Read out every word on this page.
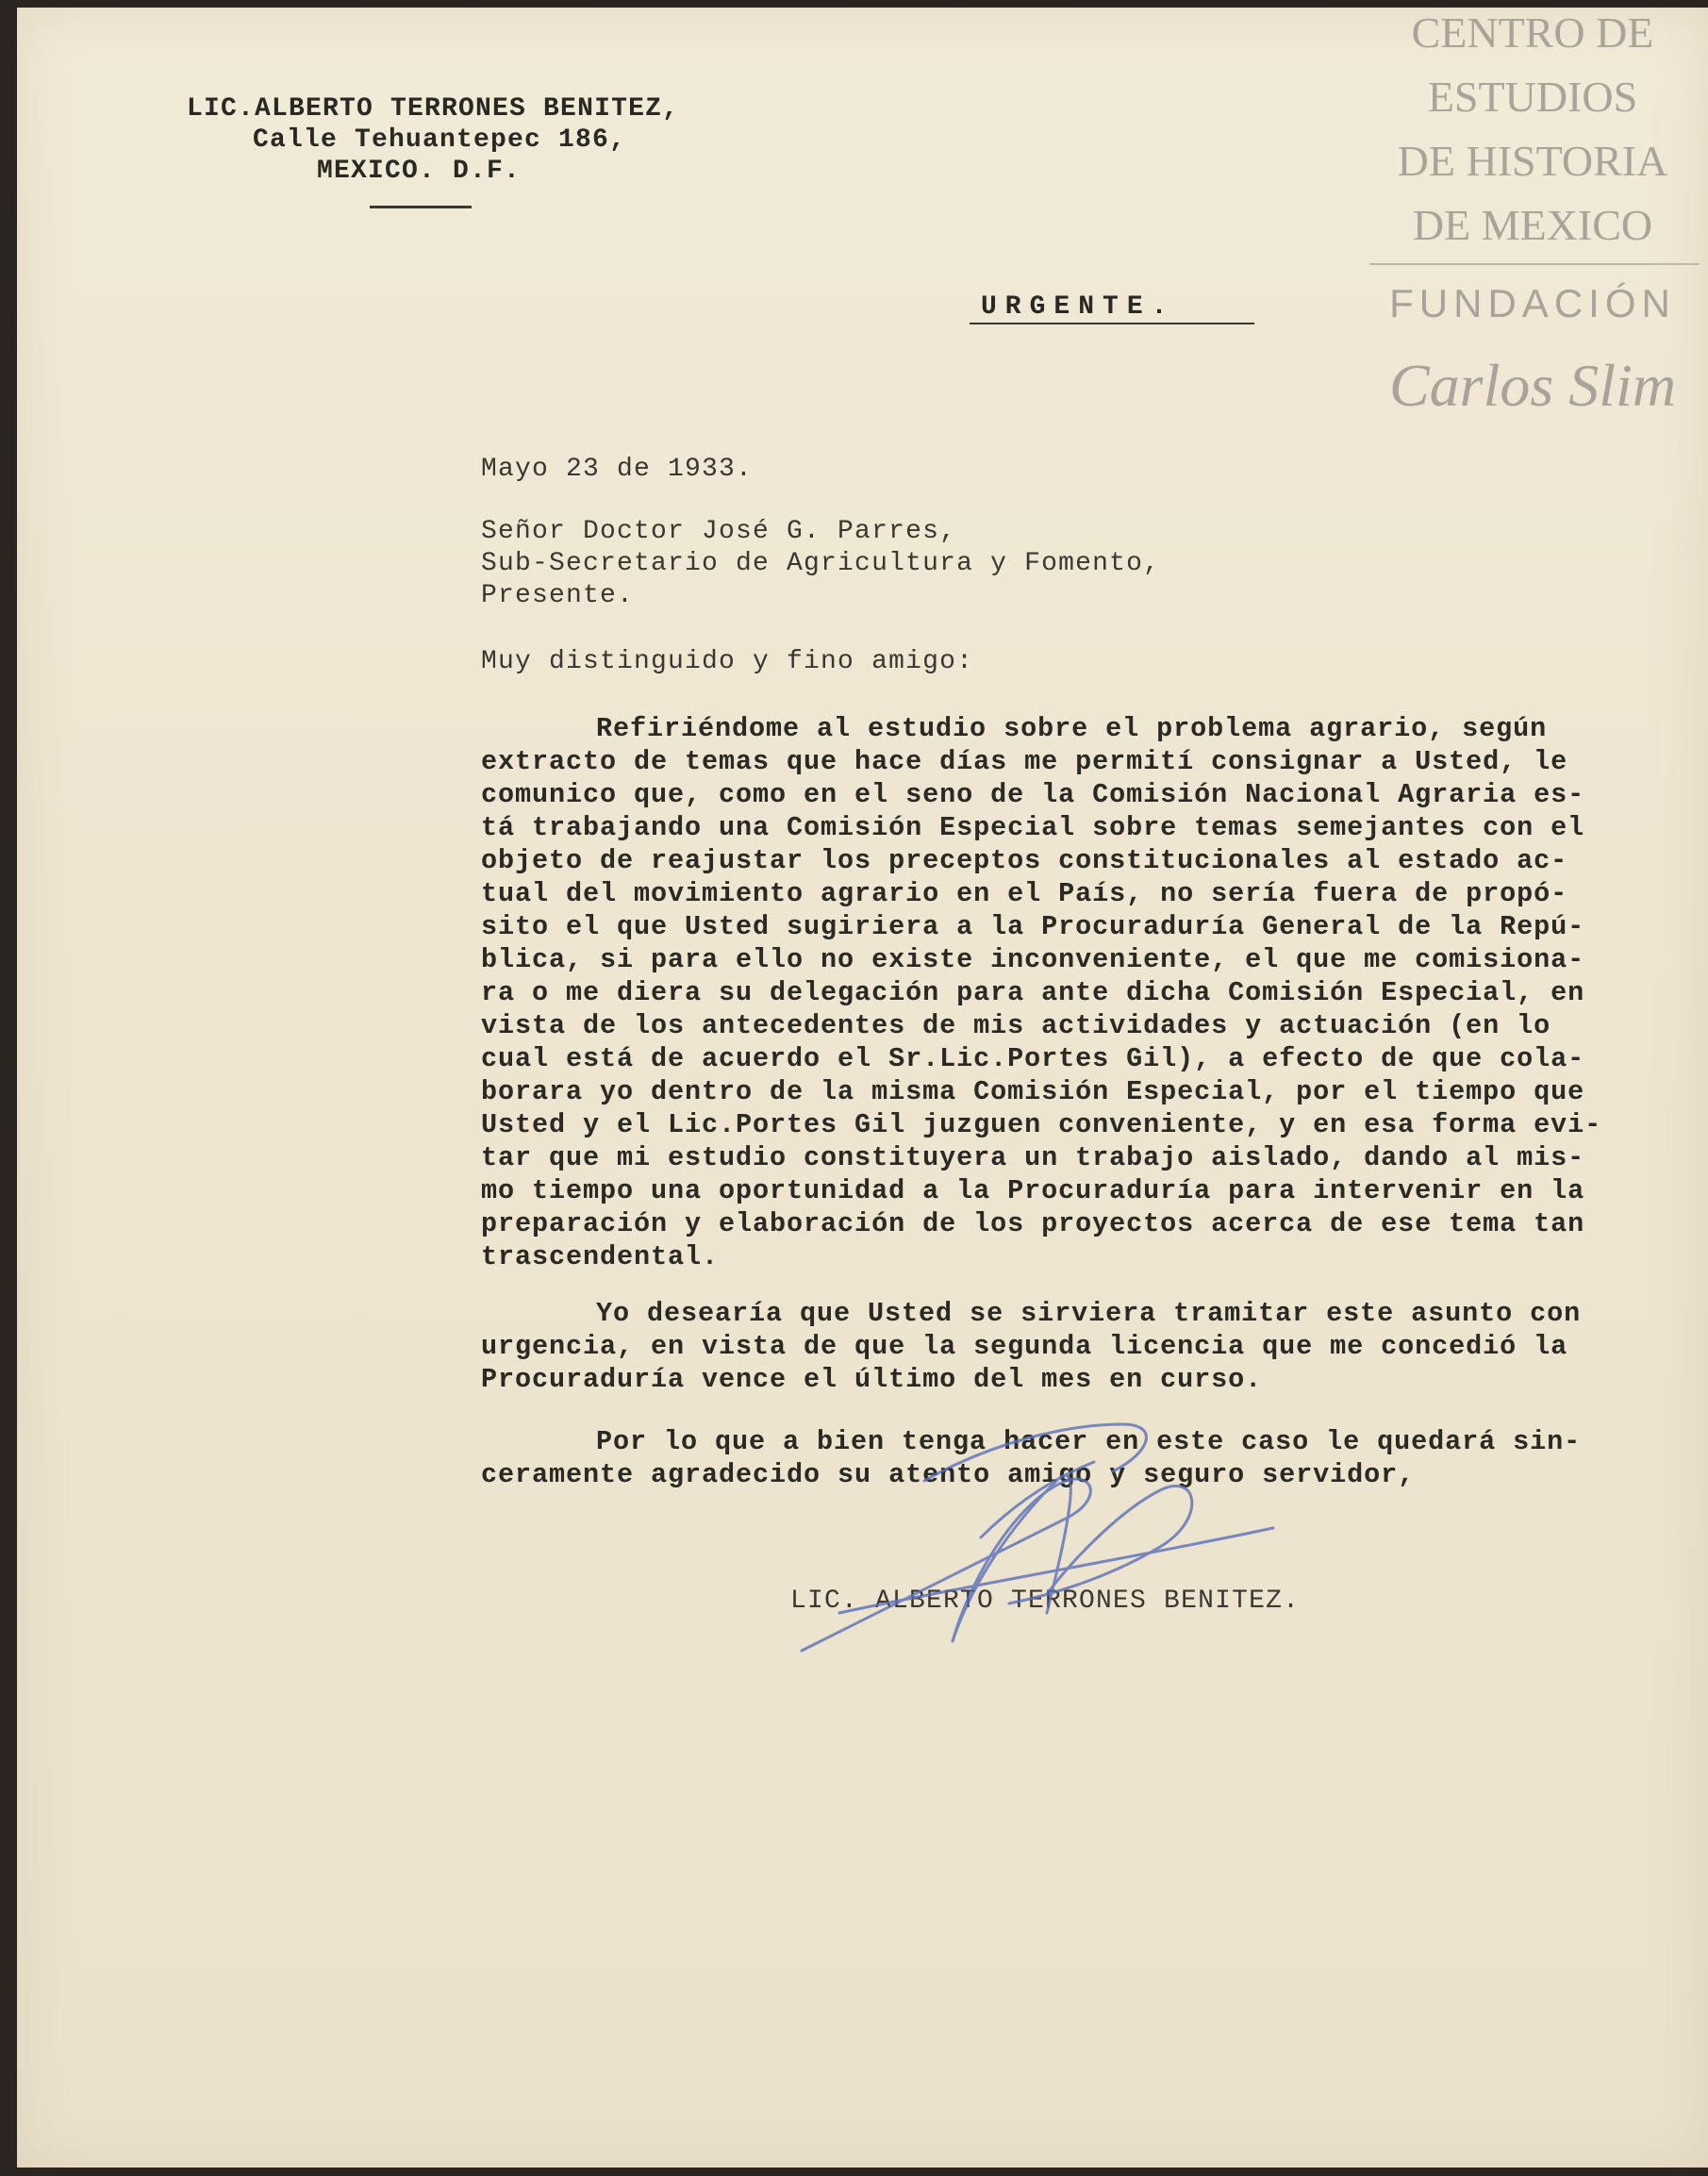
CENTRO DE
ESTUDIOS
DE HISTORIA
DE MEXICO
FUNDACIÓN
Carlos Slim
LIC.ALBERTO TERRONES BENITEZ,
Calle Tehuantepec 186,
MEXICO. D.F.
URGENTE.
Mayo 23 de 1933.
Señor Doctor José G. Parres,
Sub-Secretario de Agricultura y Fomento,
Presente.
Muy distinguido y fino amigo:
Refiriéndome al estudio sobre el problema agrario, según
extracto de temas que hace días me permití consignar a Usted, le
comunico que, como en el seno de la Comisión Nacional Agraria es-
tá trabajando una Comisión Especial sobre temas semejantes con el
objeto de reajustar los preceptos constitucionales al estado ac-
tual del movimiento agrario en el País, no sería fuera de propó-
sito el que Usted sugiriera a la Procuraduría General de la Repú-
blica, si para ello no existe inconveniente, el que me comisiona-
ra o me diera su delegación para ante dicha Comisión Especial, en
vista de los antecedentes de mis actividades y actuación (en lo
cual está de acuerdo el Sr.Lic.Portes Gil), a efecto de que cola-
borara yo dentro de la misma Comisión Especial, por el tiempo que
Usted y el Lic.Portes Gil juzguen conveniente, y en esa forma evi-
tar que mi estudio constituyera un trabajo aislado, dando al mis-
mo tiempo una oportunidad a la Procuraduría para intervenir en la
preparación y elaboración de los proyectos acerca de ese tema tan
trascendental.
Yo desearía que Usted se sirviera tramitar este asunto con
urgencia, en vista de que la segunda licencia que me concedió la
Procuraduría vence el último del mes en curso.
Por lo que a bien tenga hacer en este caso le quedará sin-
ceramente agradecido su atento amigo y seguro servidor,
LIC. ALBERTO TERRONES BENITEZ.
